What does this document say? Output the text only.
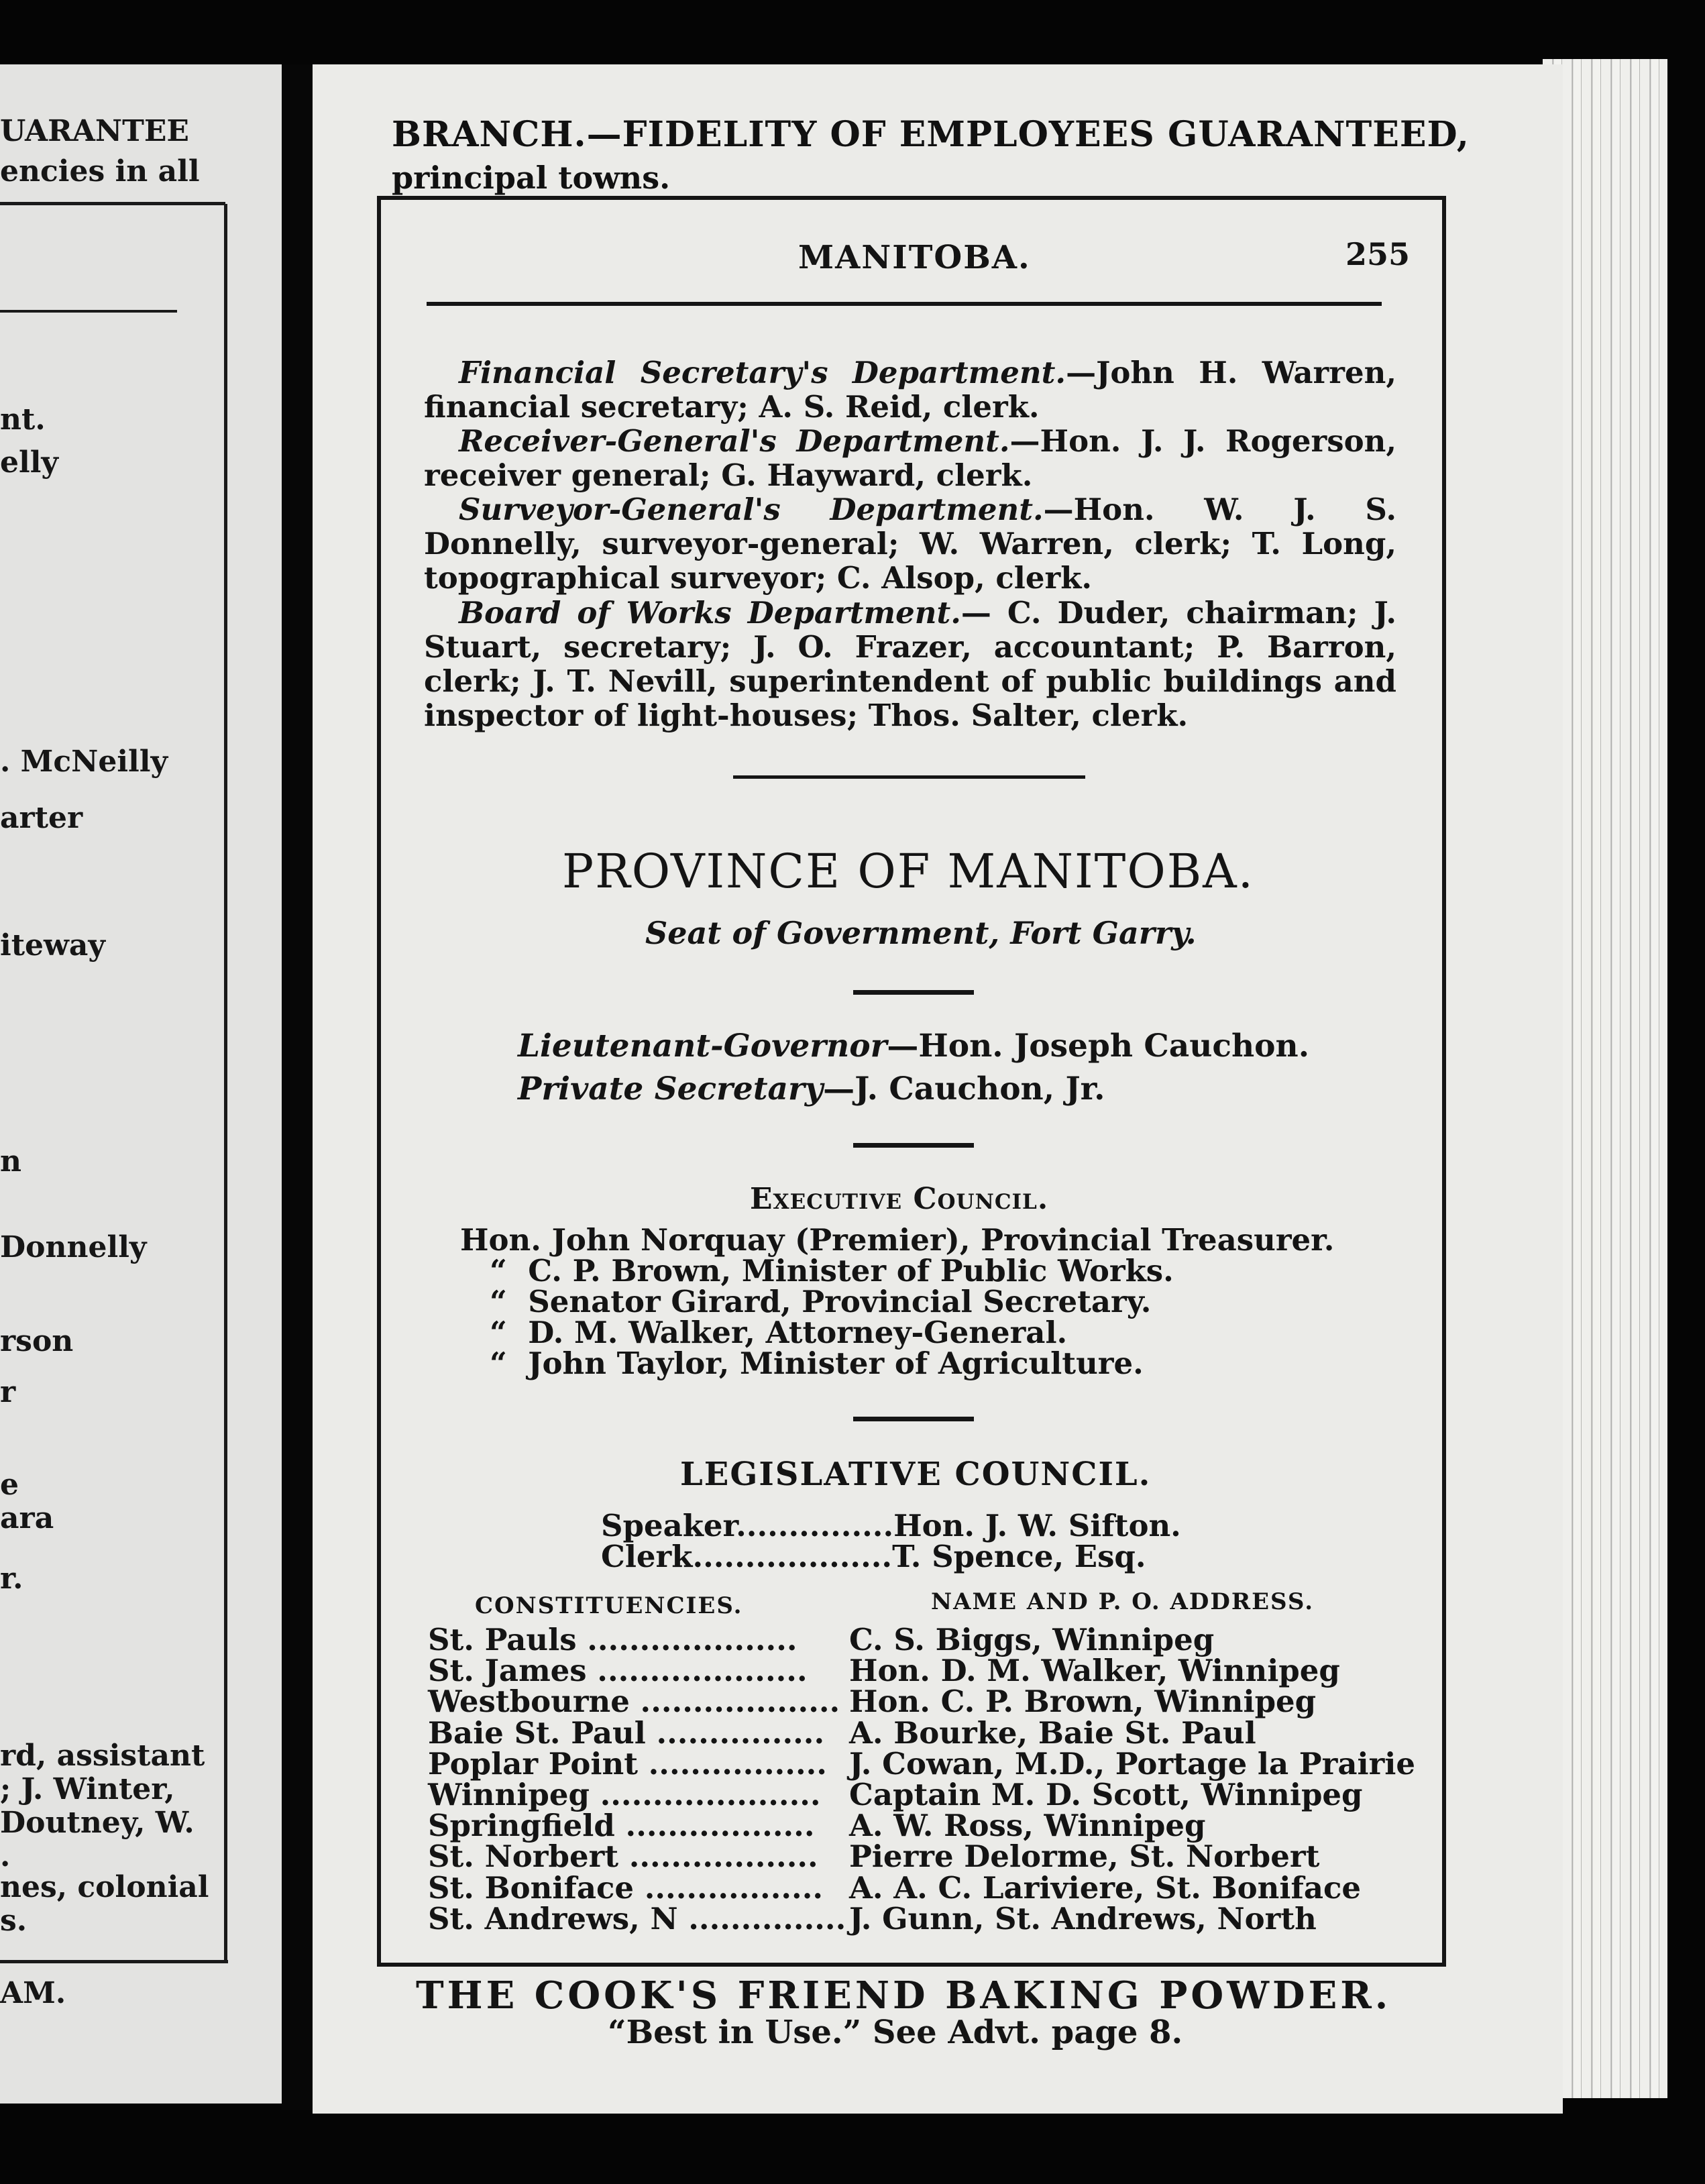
UARANTEE
encies in all
nt.
elly
. McNeilly
arter
iteway
n
Donnelly
rson
r
e
ara
r.
rd, assistant
; J. Winter,
Doutney, W.
.
nes, colonial
s.
AM.
BRANCH.—FIDELITY OF EMPLOYEES GUARANTEED,
principal towns.
MANITOBA.	255
Financial Secretary's Department.—John H. Warren, financial secretary; A. S. Reid, clerk.
Receiver-General's Department.—Hon. J. J. Rogerson, receiver general; G. Hayward, clerk.
Surveyor-General's Department.—Hon. W. J. S. Donnelly, surveyor-general; W. Warren, clerk; T. Long, topographical surveyor; C. Alsop, clerk.
Board of Works Department.— C. Duder, chairman; J. Stuart, secretary; J. O. Frazer, accountant; P. Barron, clerk; J. T. Nevill, superintendent of public buildings and inspector of light-houses; Thos. Salter, clerk.
PROVINCE OF MANITOBA.
Seat of Government, Fort Garry.
Lieutenant-Governor—Hon. Joseph Cauchon.
Private Secretary—J. Cauchon, Jr.
Executive Council.
Hon. John Norquay (Premier), Provincial Treasurer.
“ C. P. Brown, Minister of Public Works.
“ Senator Girard, Provincial Secretary.
“ D. M. Walker, Attorney-General.
“ John Taylor, Minister of Agriculture.
LEGISLATIVE COUNCIL.
Speaker...............Hon. J. W. Sifton.
Clerk...................T. Spence, Esq.
CONSTITUENCIES.	NAME AND P. O. ADDRESS.
St. Pauls .................... C. S. Biggs, Winnipeg
St. James .................... Hon. D. M. Walker, Winnipeg
Westbourne ................... Hon. C. P. Brown, Winnipeg
Baie St. Paul ................ A. Bourke, Baie St. Paul
Poplar Point ................. J. Cowan, M.D., Portage la Prairie
Winnipeg ..................... Captain M. D. Scott, Winnipeg
Springfield .................. A. W. Ross, Winnipeg
St. Norbert .................. Pierre Delorme, St. Norbert
St. Boniface ................. A. A. C. Lariviere, St. Boniface
St. Andrews, N ............... J. Gunn, St. Andrews, North
THE COOK'S FRIEND BAKING POWDER.
“Best in Use.” See Advt. page 8.
